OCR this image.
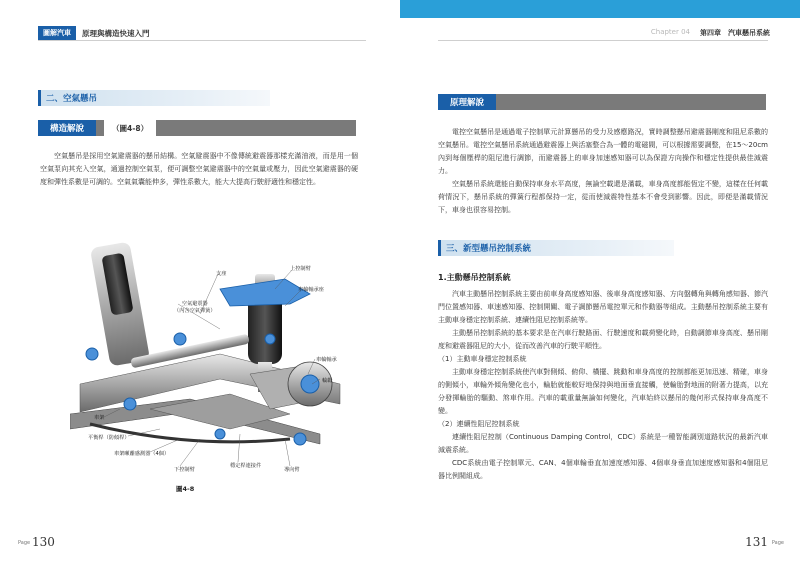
圖解汽車	原理與構造快速入門
二、空氣懸吊
構造解說	（圖4-8）

空氣懸吊是採用空氣避震器的懸吊結構。空氣避震器中不像傳統避震器那樣充滿油液，而是用一個空氣泵向其充入空氣，通過控制空氣泵，便可調整空氣避震器中的空氣量或壓力，因此空氣避震器的硬度和彈性系數是可調的。空氣氣囊能伸多，彈性系數大，能大大提高行駛舒適性和穩定性。

支座
上控制臂
車輪軸承座
空氣避震器
（內含空氣彈簧）
車輪軸承
輪轂
車架
平衡桿（防傾桿）
車架噸離感測器（4個）
下控制臂
穩定桿連接件
導向臂
圖4-8
Page 130
Chapter 04 第四章　汽車懸吊系統
原理解說

電控空氣懸吊是通過電子控制單元計算懸吊的受力及感應路況，實時調整懸吊避震器剛度和阻尼系數的空氣懸吊。電控空氣懸吊系統通過避震器上與活塞整合為一體的電磁閥，可以根據需要調整，在15～20cm內到每個壓桿的阻尼進行調節，而避震器上的車身加速感知器可以為保證方向操作和穩定性提供最佳減震力。

空氣懸吊系統還能自動保持車身水平高度，無論空載還是滿載，車身高度都能恆定不變，這樣在任何載荷情況下，懸吊系統的彈簧行程都保持一定，從而使減震特性基本不會受到影響。因此，即便是滿載情況下，車身也很容易控制。

三、新型懸吊控制系統
1.主動懸吊控制系統

汽車主動懸吊控制系統主要由前車身高度感知器、後車身高度感知器、方向盤轉角與轉角感知器、節汽門位置感知器、車速感知器、控制開關、電子調節懸吊電控單元和作動器等組成。主動懸吊控制系統主要有主動車身穩定控制系統、連續性阻尼控制系統等。

主動懸吊控制系統的基本要求是在汽車行駛路面、行駛速度和載荷變化時，自動調節車身高度、懸吊剛度和避震器阻尼的大小，從而改善汽車的行駛平順性。

（1）主動車身穩定控制系統

主動車身穩定控制系統使汽車對側傾、俯仰、橫擺、跳動和車身高度的控制都能更加迅速、精確，車身的側傾小，車輪外傾角變化也小，輪胎就能較好地保持與地面垂直接觸，使輪胎對地面的附著力提高，以充分發揮輪胎的驅動、煞車作用。汽車的載重量無論如何變化，汽車始終以懸吊的幾何形式保持車身高度不變。

（2）連續性阻尼控制系統

連續性阻尼控制（Continuous Damping Control，CDC）系統是一種智能調別道路狀況的最新汽車減震系統。

CDC系統由電子控制單元、CAN、4個車輪垂直加速度感知器、4個車身垂直加速度感知器和4個阻尼器比例閥組成。

131 Page
